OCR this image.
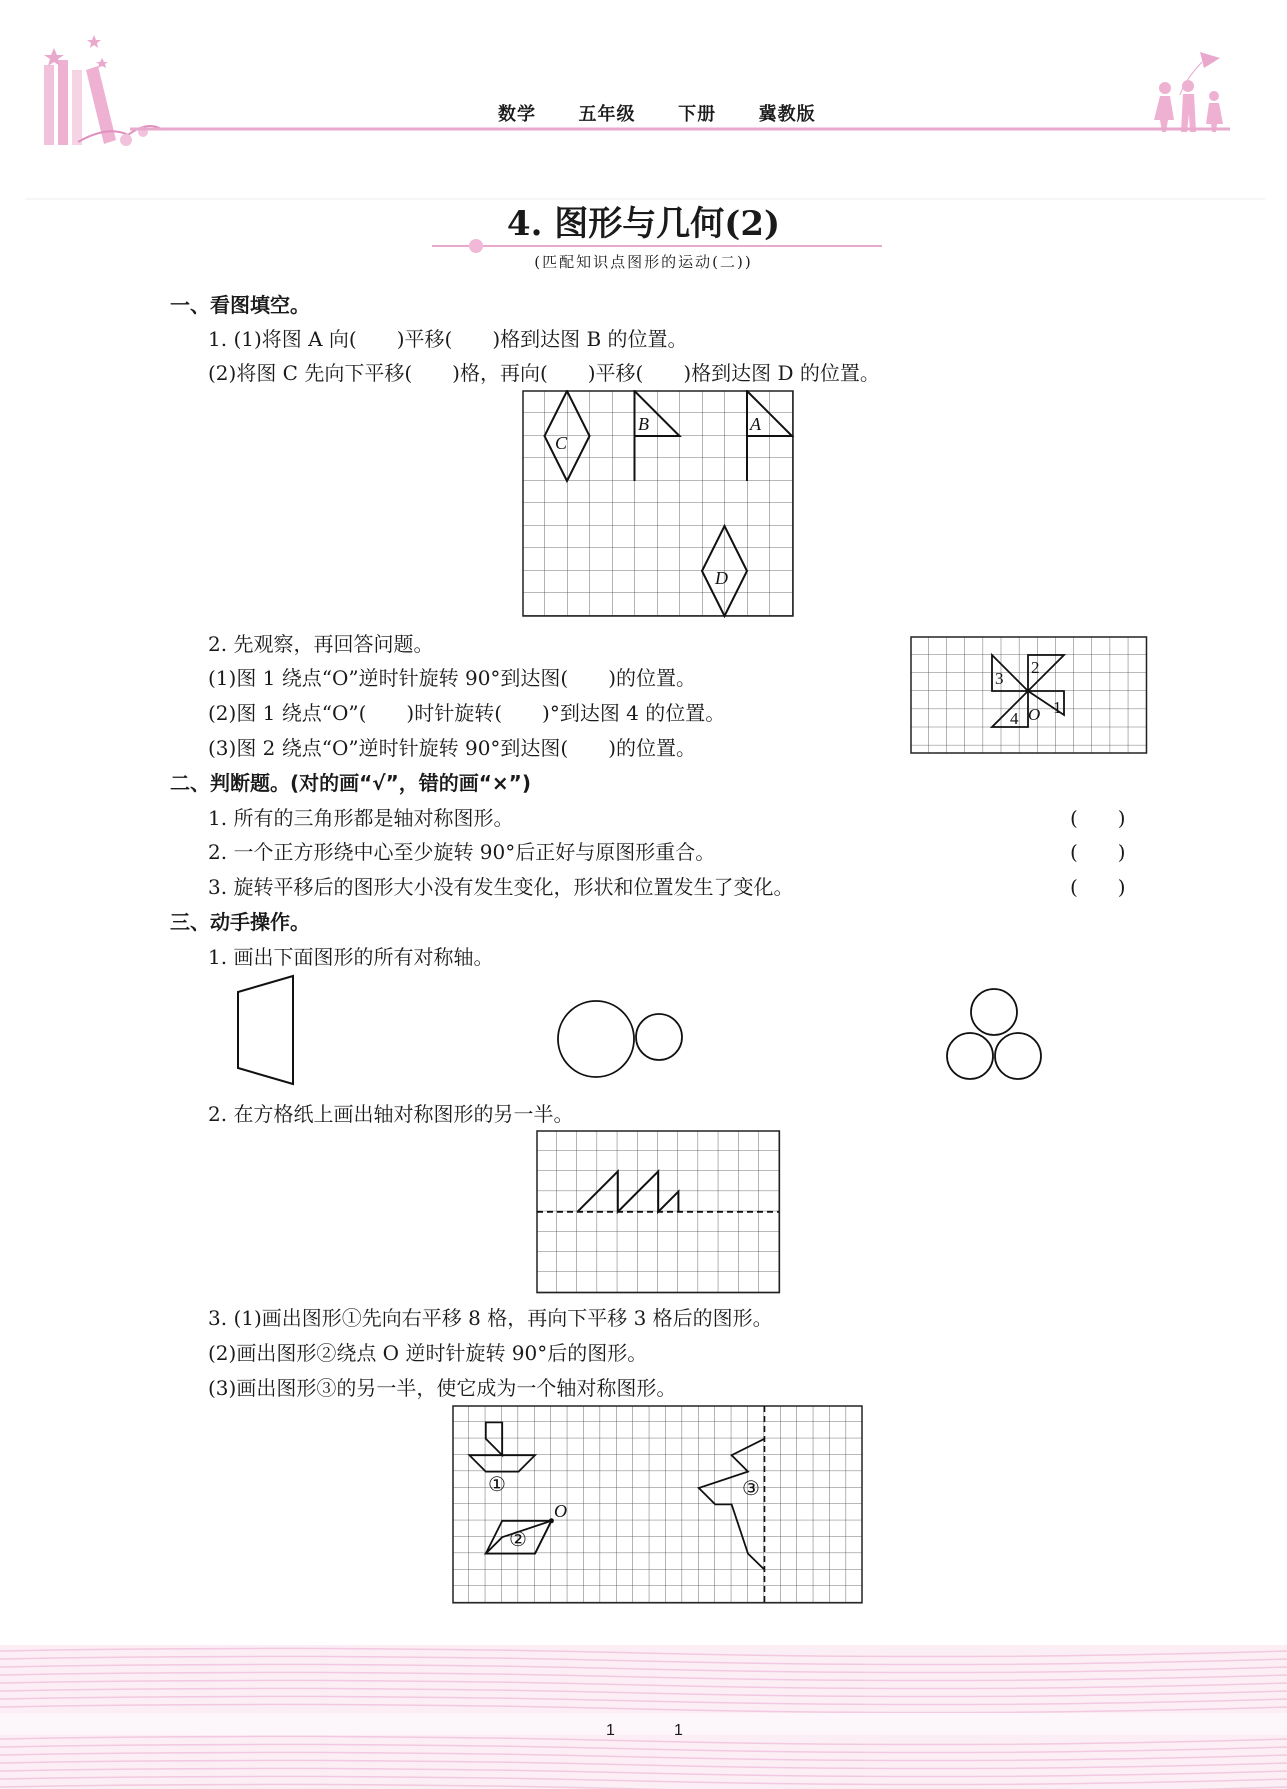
数学  五年级  下册  冀教版
4. 图形与几何(2)
(匹配知识点图形的运动(二))
一、看图填空。
1. (1)将图 A 向(　　)平移(　　)格到达图 B 的位置。
(2)将图 C 先向下平移(　　)格，再向(　　)平移(　　)格到达图 D 的位置。
C
B	A
D
2. 先观察，再回答问题。
(1)图 1 绕点“O”逆时针旋转 90°到达图(　　)的位置。
(2)图 1 绕点“O”(　　)时针旋转(　　)°到达图 4 的位置。
(3)图 2 绕点“O”逆时针旋转 90°到达图(　　)的位置。
3
2
4 O 1
二、判断题。(对的画“√”，错的画“×”)
1. 所有的三角形都是轴对称图形。	(　　)
2. 一个正方形绕中心至少旋转 90°后正好与原图形重合。	(　　)
3. 旋转平移后的图形大小没有发生变化，形状和位置发生了变化。	(　　)
三、动手操作。
1. 画出下面图形的所有对称轴。
2. 在方格纸上画出轴对称图形的另一半。
3. (1)画出图形①先向右平移 8 格，再向下平移 3 格后的图形。
(2)画出图形②绕点 O 逆时针旋转 90°后的图形。
(3)画出图形③的另一半，使它成为一个轴对称图形。
①
O
②
③
1	1
